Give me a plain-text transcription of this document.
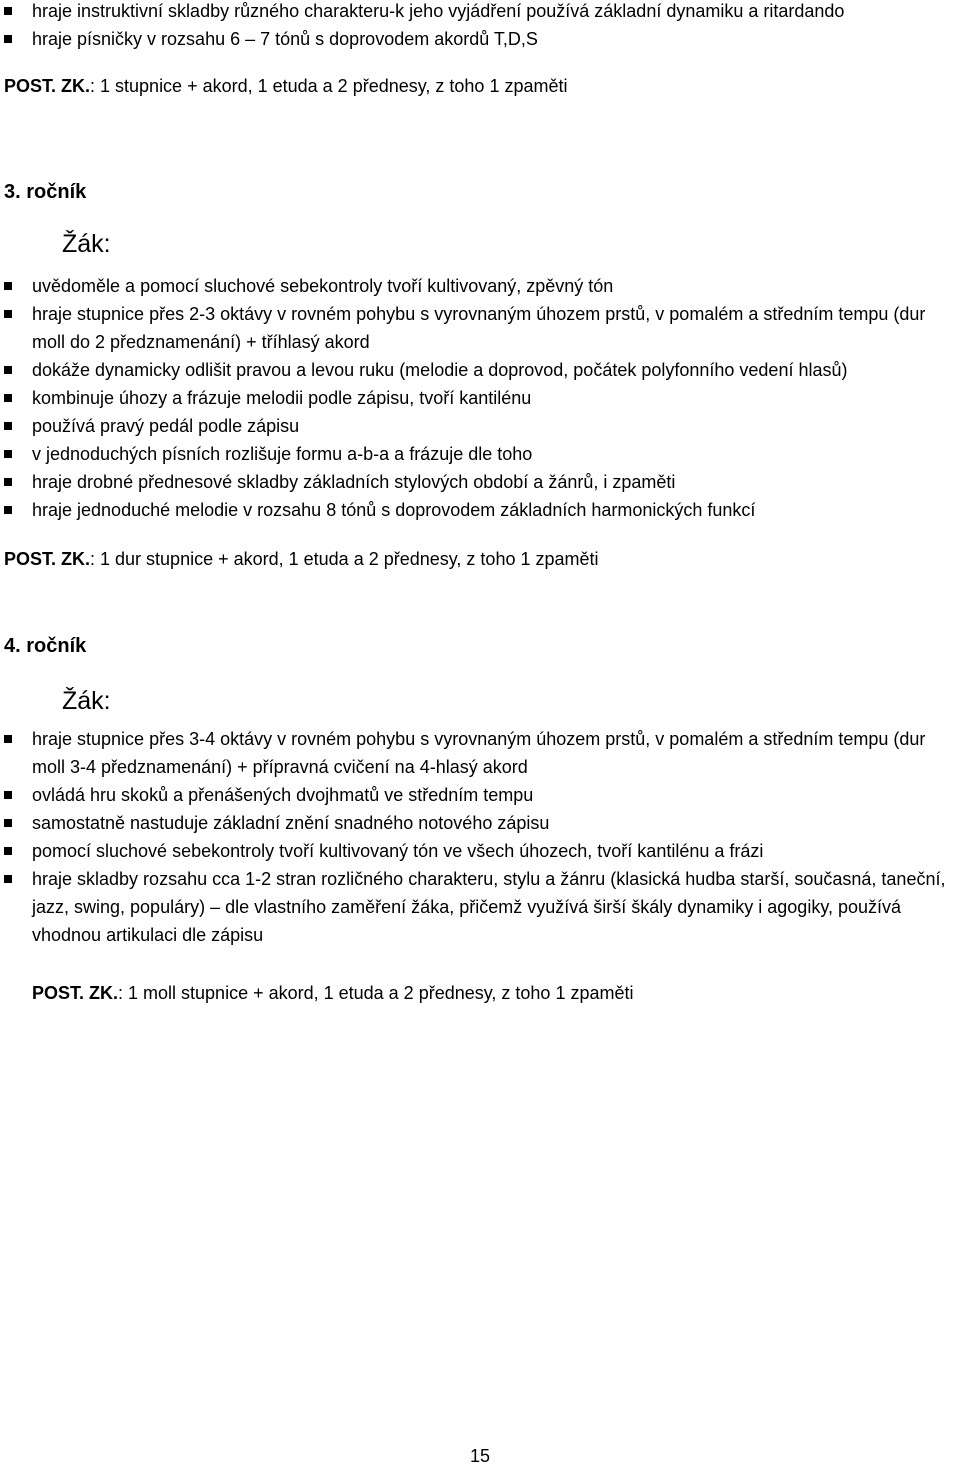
hraje instruktivní skladby různého charakteru-k jeho vyjádření používá základní dynamiku a ritardando
hraje písničky v rozsahu 6 – 7 tónů s doprovodem akordů T,D,S
POST. ZK.: 1 stupnice + akord, 1 etuda a 2 přednesy, z toho 1 zpaměti
3. ročník
Žák:
uvědoměle a pomocí sluchové sebekontroly tvoří kultivovaný, zpěvný tón
hraje stupnice přes 2-3 oktávy v rovném pohybu s vyrovnaným úhozem prstů, v pomalém a středním tempu (dur moll do 2 předznamenání) + tříhlasý akord
dokáže dynamicky odlišit pravou a levou ruku (melodie a doprovod, počátek polyfonního vedení hlasů)
kombinuje úhozy a frázuje melodii podle zápisu, tvoří kantilénu
používá pravý pedál podle zápisu
v jednoduchých písních rozlišuje formu a-b-a a frázuje dle toho
hraje drobné přednesové skladby základních stylových období a žánrů, i zpaměti
hraje jednoduché melodie v rozsahu 8 tónů s doprovodem základních harmonických funkcí
POST. ZK.: 1 dur stupnice + akord, 1 etuda a 2 přednesy, z toho 1 zpaměti
4. ročník
Žák:
hraje stupnice přes 3-4 oktávy v rovném pohybu s vyrovnaným úhozem prstů, v pomalém a středním tempu (dur moll 3-4 předznamenání) + přípravná cvičení na 4-hlasý akord
ovládá hru skoků a přenášených dvojhmatů ve středním tempu
samostatně nastuduje základní znění snadného notového zápisu
pomocí sluchové sebekontroly tvoří kultivovaný tón ve všech úhozech, tvoří kantilénu a frázi
hraje skladby rozsahu cca 1-2 stran rozličného charakteru, stylu a žánru (klasická hudba starší, současná, taneční, jazz, swing, populáry) – dle vlastního zaměření žáka, přičemž využívá širší škály dynamiky i agogiky, používá vhodnou artikulaci dle zápisu
POST. ZK.: 1 moll stupnice + akord, 1 etuda a 2 přednesy, z toho 1 zpaměti
15
